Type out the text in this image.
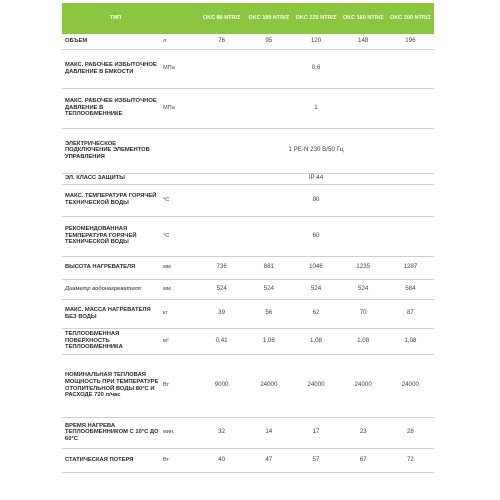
ТИП		OKC 80 NTR/Z	OKC 100 NTR/Z	OKC 125 NTR/Z	OKC 160 NTR/Z	OKC 200 NTR/Z
ОБЪЕМ	л	76	95	120	148	196
МАКС. РАБОЧЕЕ ИЗБЫТОЧНОЕ ДАВЛЕНИЕ В ЕМКОСТИ	МПа	0,6				
МАКС. РАБОЧЕЕ ИЗБЫТОЧНОЕ ДАВЛЕНИЕ В ТЕПЛООБМЕННИКЕ	МПа	1				
ЭЛЕКТРИЧЕСКОЕ ПОДКЛЮЧЕНИЕ ЭЛЕМЕНТОВ УПРАВЛЕНИЯ		1 PE-N 230 В/50 Гц				
ЭЛ. КЛАСС ЗАЩИТЫ		IP 44				
МАКС. ТЕМПЕРАТУРА ГОРЯЧЕЙ ТЕХНИЧЕСКОЙ ВОДЫ	°C	80				
РЕКОМЕНДОВАННАЯ ТЕМПЕРАТУРА ГОРЯЧЕЙ ТЕХНИЧЕСКОЙ ВОДЫ	°C	60				
ВЫСОТА НАГРЕВАТЕЛЯ	мм	736	881	1046	1235	1287
Диаметр водонагревателя	мм	524	524	524	524	584
МАКС. МАССА НАГРЕВАТЕЛЯ БЕЗ ВОДЫ	кг	39	56	62	70	87
ТЕПЛООБМЕННАЯ ПОВЕРХНОСТЬ ТЕПЛООБМЕННИКА	м²	0,41	1,08	1,08	1,08	1,08
НОМИНАЛЬНАЯ ТЕПЛОВАЯ МОЩНОСТЬ ПРИ ТЕМПЕРАТУРЕ ОТОПИТЕЛЬНОЙ ВОДЫ 80°С И РАСХОДЕ 720 л/час	Вт	9000	24000	24000	24000	24000
ВРЕМЯ НАГРЕВА ТЕПЛООБМЕННИКОМ С 10°С ДО 60°С	мин.	32	14	17	23	28
СТАТИЧЕСКАЯ ПОТЕРЯ	Вт	40	47	57	67	72
